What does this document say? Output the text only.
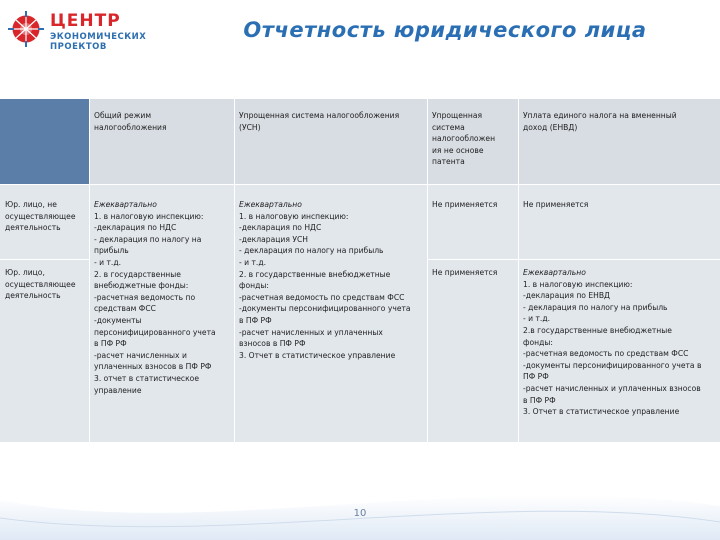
ЦЕНТР
ЭКОНОМИЧЕСКИХ
ПРОЕКТОВ
Отчетность юридического лица
Общий режим
налогообложения
Упрощенная система налогообложения
(УСН)
Упрощенная
система
налогообложен
ия не основе
патента
Уплата единого налога на вмененный
доход (ЕНВД)
Юр. лицо, не
осуществляющее
деятельность
Юр. лицо,
осуществляющее
деятельность
Ежеквартально
1. в налоговую инспекцию:
-декларация по НДС
- декларация по налогу на
прибыль
- и т.д.
2. в государственные
внебюджетные фонды:
-расчетная ведомость по
средствам ФСС
-документы
персонифицированного учета
в ПФ РФ
-расчет начисленных и
уплаченных взносов в ПФ РФ
3. отчет в статистическое
управление
Ежеквартально
1. в налоговую инспекцию:
-декларация по НДС
-декларация УСН
- декларация по налогу на прибыль
- и т.д.
2. в государственные внебюджетные
фонды:
-расчетная ведомость по средствам ФСС
-документы персонифицированного учета
в ПФ РФ
-расчет начисленных и уплаченных
взносов в ПФ РФ
3. Отчет в статистическое управление
Не применяется	Не применяется
Не применяется	Ежеквартально
1. в налоговую инспекцию:
-декларация по ЕНВД
- декларация по налогу на прибыль
- и т.д.
2.в государственные внебюджетные
фонды:
-расчетная ведомость по средствам ФСС
-документы персонифицированного учета в
ПФ РФ
-расчет начисленных и уплаченных взносов
в ПФ РФ
3. Отчет в статистическое управление
10
